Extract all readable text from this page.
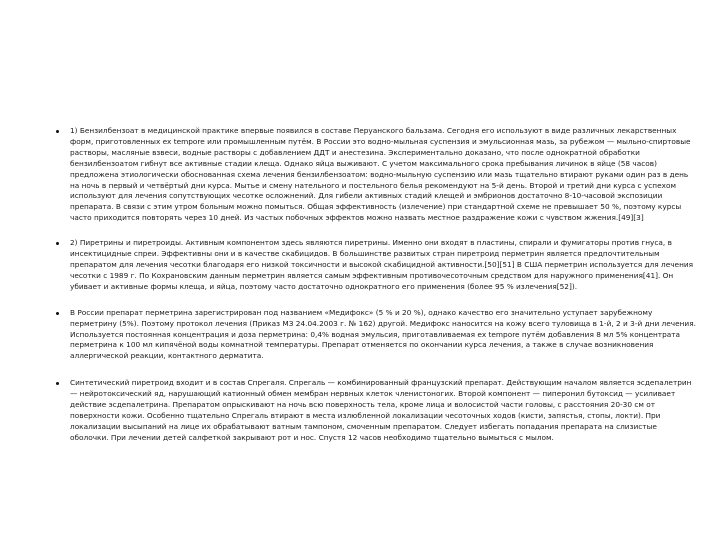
1) Бензилбензоат в медицинской практике впервые появился в составе Перуанского бальзама. Сегодня его используют в виде различных лекарственных форм, приготовленных ex tempore или промышленным путём. В России это водно-мыльная суспензия и эмульсионная мазь, за рубежом — мыльно-спиртовые растворы, масляные взвеси, водные растворы с добавлением ДДТ и анестезина. Экспериментально доказано, что после однократной обработки бензилбензоатом гибнут все активные стадии клеща. Однако яйца выживают. С учетом максимального срока пребывания личинок в яйце (58 часов) предложена этиологически обоснованная схема лечения бензилбензоатом: водно-мыльную суспензию или мазь тщательно втирают руками один раз в день на ночь в первый и четвёртый дни курса. Мытье и смену нательного и постельного белья рекомендуют на 5-й день. Второй и третий дни курса с успехом используют для лечения сопутствующих чесотке осложнений. Для гибели активных стадий клещей и эмбрионов достаточно 8-10-часовой экспозиции препарата. В связи с этим утром больным можно помыться. Общая эффективность (излечение) при стандартной схеме не превышает 50 %, поэтому курсы часто приходится повторять через 10 дней. Из частых побочных эффектов можно назвать местное раздражение кожи с чувством жжения.[49][3]
2) Пиретрины и пиретроиды. Активным компонентом здесь являются пиретрины. Именно они входят в пластины, спирали и фумигаторы против гнуса, в инсектицидные спреи. Эффективны они и в качестве скабицидов. В большинстве развитых стран пиретроид перметрин является предпочтительным препаратом для лечения чесотки благодаря его низкой токсичности и высокой скабицидной активности.[50][51] В США перметрин используется для лечения чесотки с 1989 г. По Кохрановским данным перметрин является самым эффективным противочесоточным средством для наружного применения[41]. Он убивает и активные формы клеща, и яйца, поэтому часто достаточно однократного его применения (более 95 % излечения[52]).
В России препарат перметрина зарегистрирован под названием «Медифокс» (5 % и 20 %), однако качество его значительно уступает зарубежному перметрину (5%). Поэтому протокол лечения (Приказ МЗ 24.04.2003 г. № 162) другой. Медифокс наносится на кожу всего туловища в 1-й, 2 и 3-й дни лечения. Используется постоянная концентрация и доза перметрина: 0,4% водная эмульсия, приготавливаемая ex tempore путём добавления 8 мл 5% концентрата перметрина к 100 мл кипячёной воды комнатной температуры. Препарат отменяется по окончании курса лечения, а также в случае возникновения аллергической реакции, контактного дерматита.
Синтетический пиретроид входит и в состав Спрегаля. Спрегаль — комбинированный французский препарат. Действующим началом является эсдепалетрин — нейротоксический яд, нарушающий катионный обмен мембран нервных клеток членистоногих. Второй компонент — пиперонил бутоксид — усиливает действие эсдепалетрина. Препаратом опрыскивают на ночь всю поверхность тела, кроме лица и волосистой части головы, с расстояния 20-30 см от поверхности кожи. Особенно тщательно Спрегаль втирают в места излюбленной локализации чесоточных ходов (кисти, запястья, стопы, локти). При локализации высыпаний на лице их обрабатывают ватным тампоном, смоченным препаратом. Следует избегать попадания препарата на слизистые оболочки. При лечении детей салфеткой закрывают рот и нос. Спустя 12 часов необходимо тщательно вымыться с мылом.
